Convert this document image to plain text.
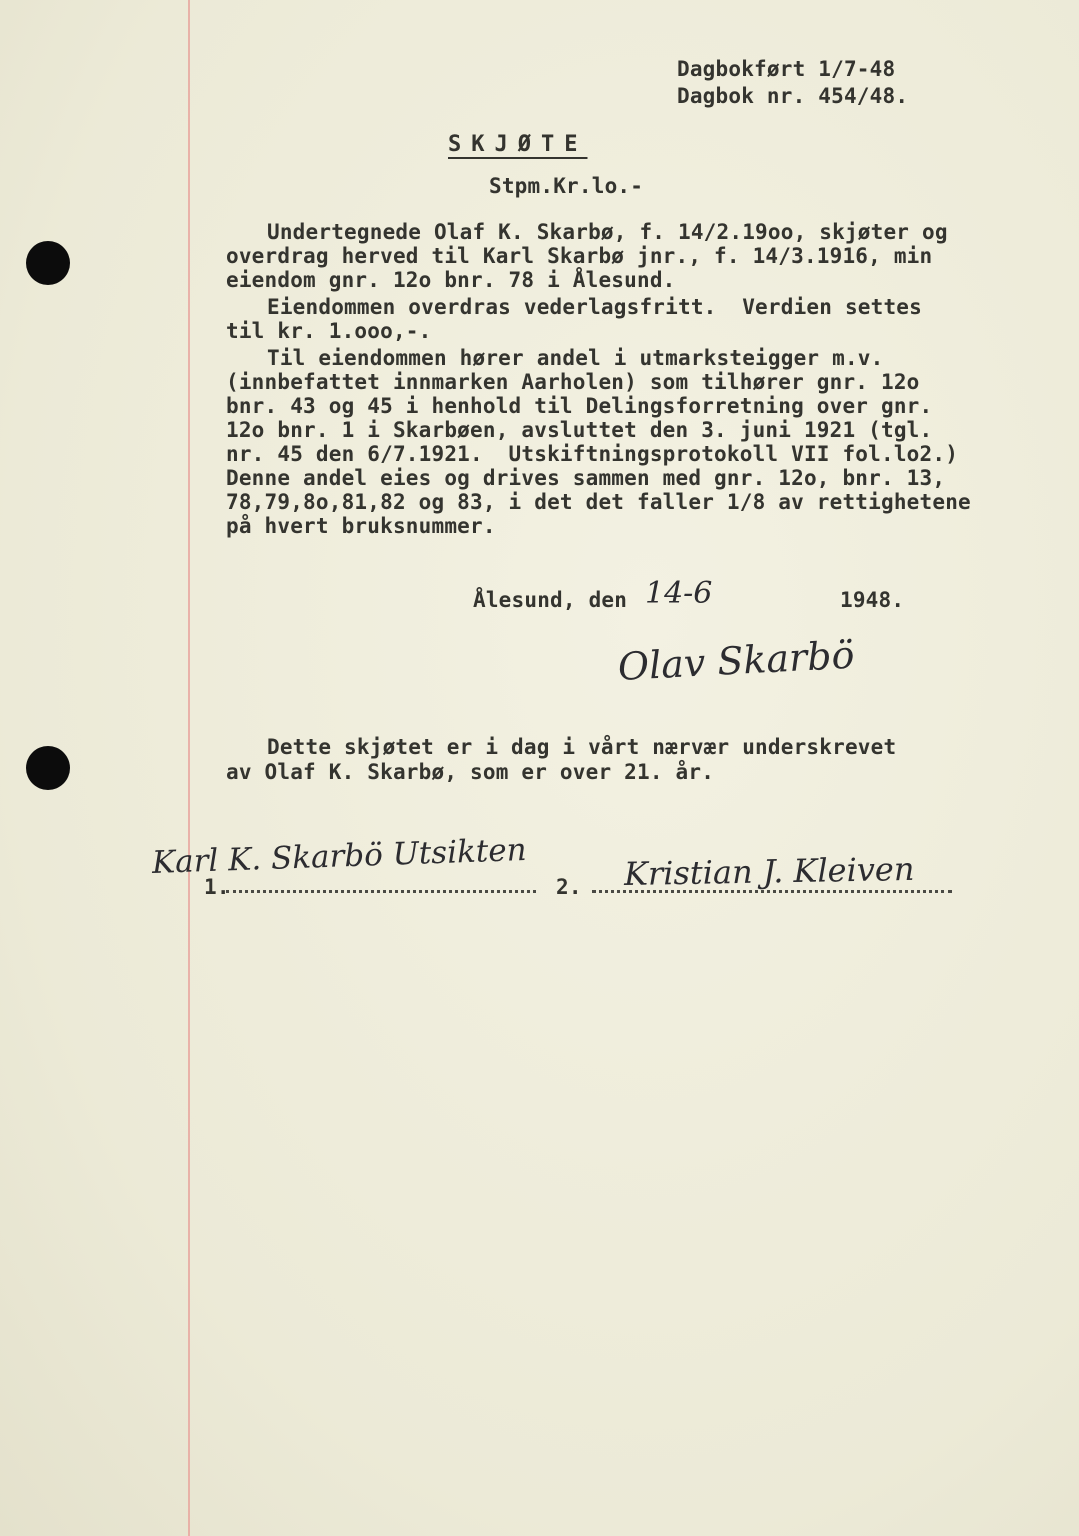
Dagbokført 1/7-48
Dagbok nr. 454/48.
SKJØTE
Stpm.Kr.lo.-
Undertegnede Olaf K. Skarbø, f. 14/2.19oo, skjøter og
overdrag herved til Karl Skarbø jnr., f. 14/3.1916, min
eiendom gnr. 12o bnr. 78 i Ålesund.
Eiendommen overdras vederlagsfritt.  Verdien settes
til kr. 1.ooo,-.
Til eiendommen hører andel i utmarksteigger m.v.
(innbefattet innmarken Aarholen) som tilhører gnr. 12o
bnr. 43 og 45 i henhold til Delingsforretning over gnr.
12o bnr. 1 i Skarbøen, avsluttet den 3. juni 1921 (tgl.
nr. 45 den 6/7.1921.  Utskiftningsprotokoll VII fol.lo2.)
Denne andel eies og drives sammen med gnr. 12o, bnr. 13,
78,79,8o,81,82 og 83, i det det faller 1/8 av rettighetene
på hvert bruksnummer.
Ålesund, den 14-6	1948.
Olav Skarbö
Dette skjøtet er i dag i vårt nærvær underskrevet
av Olaf K. Skarbø, som er over 21. år.
Karl K. Skarbö Utsikten
1.	2. Kristian J. Kleiven
